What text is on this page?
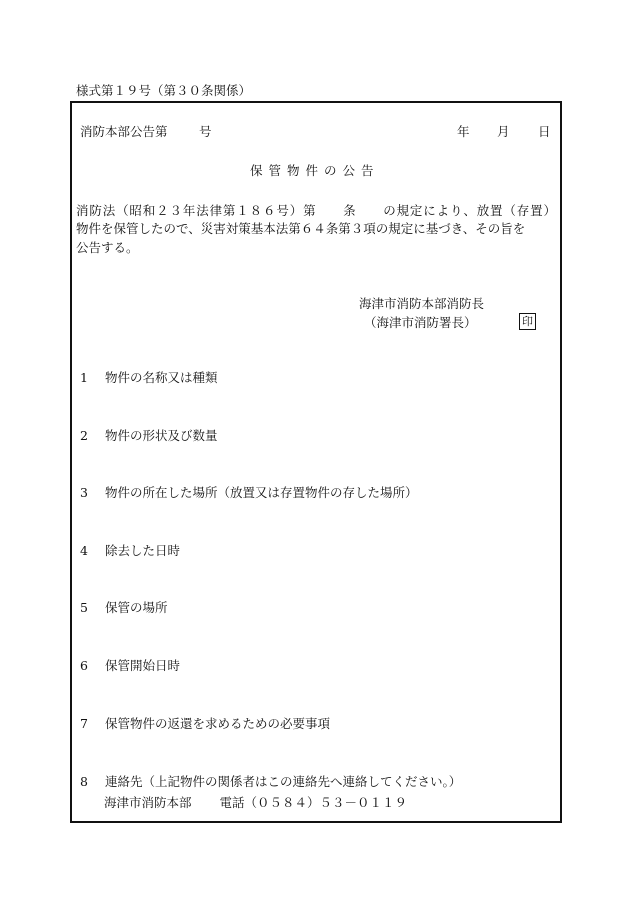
様式第１９号（第３０条関係）
消防本部公告第	号	年 月 日
保管物件の公告
消防法（昭和２３年法律第１８６号）第　　条　　の規定により、放置（存置）
物件を保管したので、災害対策基本法第６４条第３項の規定に基づき、その旨を
公告する。
海津市消防本部消防長
（海津市消防署長）	印
1 物件の名称又は種類
2 物件の形状及び数量
3 物件の所在した場所（放置又は存置物件の存した場所）
4 除去した日時
5 保管の場所
6 保管開始日時
7 保管物件の返還を求めるための必要事項
8 連絡先（上記物件の関係者はこの連絡先へ連絡してください。）
海津市消防本部 電話（０５８４）５３－０１１９
